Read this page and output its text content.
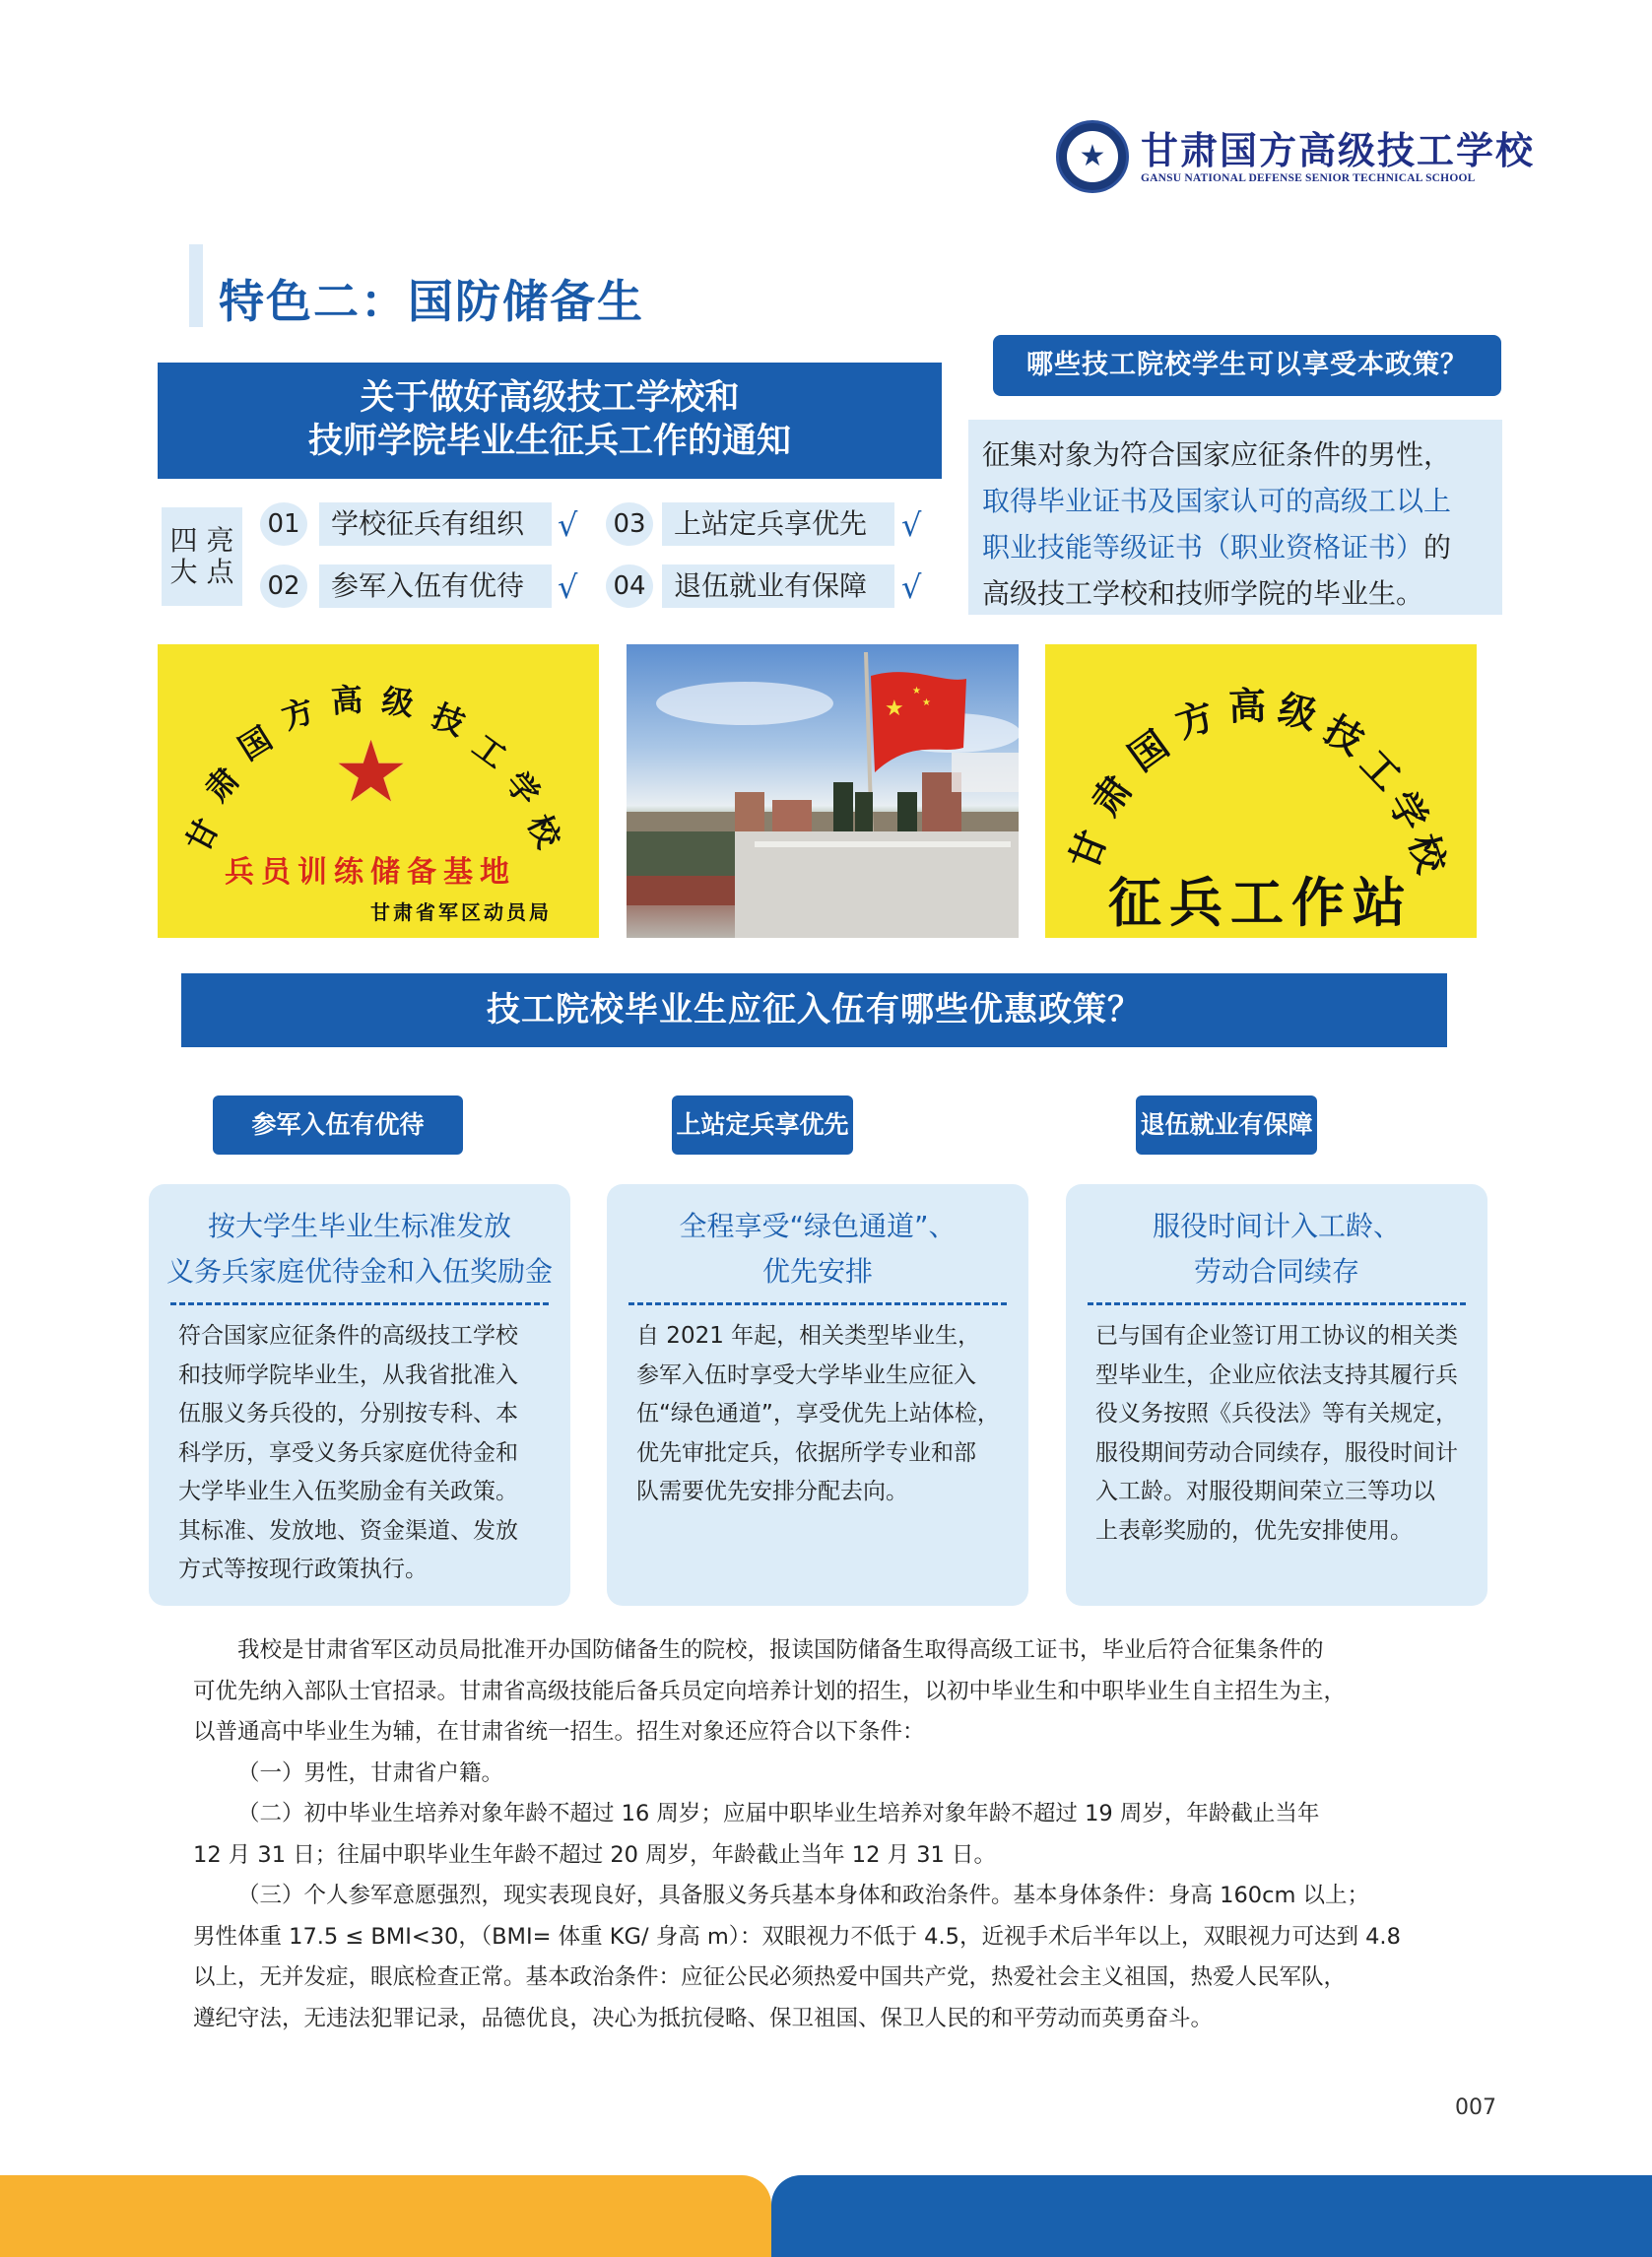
★ 甘肃国方高级技工学校
GANSU NATIONAL DEFENSE SENIOR TECHNICAL SCHOOL
特色二：国防储备生
关于做好高级技工学校和
技师学院毕业生征兵工作的通知
四 亮
大 点
01	学校征兵有组织	√
02	参军入伍有优待	√
03	上站定兵享优先	√
04	退伍就业有保障	√
哪些技工院校学生可以享受本政策？
征集对象为符合国家应征条件的男性，
取得毕业证书及国家认可的高级工以上
职业技能等级证书（职业资格证书）的
高级技工学校和技师学院的毕业生。
甘
肃
国
方 高 级 技
工
学
校
★
兵员训练储备基地
甘肃省军区动员局
★
★
★
甘
肃
国
方 高 级
技
工
学
校
征兵工作站
技工院校毕业生应征入伍有哪些优惠政策？
参军入伍有优待	上站定兵享优先	退伍就业有保障
按大学生毕业生标准发放
义务兵家庭优待金和入伍奖励金
符合国家应征条件的高级技工学校
和技师学院毕业生，从我省批准入
伍服义务兵役的，分别按专科、本
科学历，享受义务兵家庭优待金和
大学毕业生入伍奖励金有关政策。
其标准、发放地、资金渠道、发放
方式等按现行政策执行。
全程享受“绿色通道”、
优先安排
自 2021 年起，相关类型毕业生，
参军入伍时享受大学毕业生应征入
伍“绿色通道”，享受优先上站体检，
优先审批定兵，依据所学专业和部
队需要优先安排分配去向。
服役时间计入工龄、
劳动合同续存
已与国有企业签订用工协议的相关类
型毕业生，企业应依法支持其履行兵
役义务按照《兵役法》等有关规定，
服役期间劳动合同续存，服役时间计
入工龄。对服役期间荣立三等功以
上表彰奖励的，优先安排使用。

我校是甘肃省军区动员局批准开办国防储备生的院校，报读国防储备生取得高级工证书，毕业后符合征集条件的

可优先纳入部队士官招录。甘肃省高级技能后备兵员定向培养计划的招生，以初中毕业生和中职毕业生自主招生为主，

以普通高中毕业生为辅，在甘肃省统一招生。招生对象还应符合以下条件：

（一）男性，甘肃省户籍。

（二）初中毕业生培养对象年龄不超过 16 周岁；应届中职毕业生培养对象年龄不超过 19 周岁，年龄截止当年

12 月 31 日；往届中职毕业生年龄不超过 20 周岁，年龄截止当年 12 月 31 日。

（三）个人参军意愿强烈，现实表现良好，具备服义务兵基本身体和政治条件。基本身体条件：身高 160cm 以上；

男性体重 17.5 ≤ BMI<30，（BMI= 体重 KG/ 身高 m）：双眼视力不低于 4.5，近视手术后半年以上，双眼视力可达到 4.8

以上，无并发症，眼底检查正常。基本政治条件：应征公民必须热爱中国共产党，热爱社会主义祖国，热爱人民军队，

遵纪守法，无违法犯罪记录，品德优良，决心为抵抗侵略、保卫祖国、保卫人民的和平劳动而英勇奋斗。

007
